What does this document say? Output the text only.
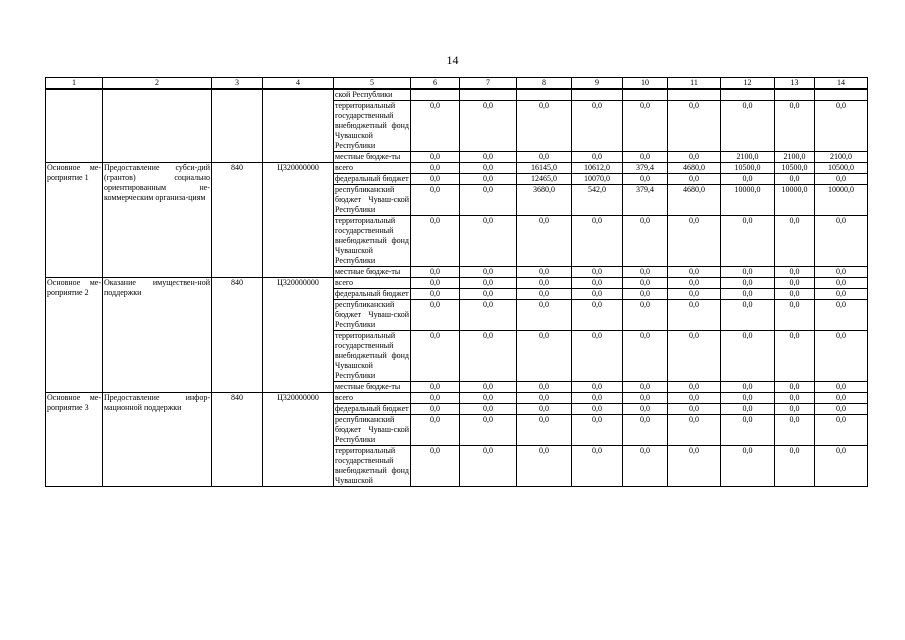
14
1	2	3	4	5	6	7	8	9	10	11	12	13	14
				ской Республики									
				территориальный государственный внебюджетный фонд Чувашской Республики	0,0	0,0	0,0	0,0	0,0	0,0	0,0	0,0	0,0
				местные бюдже-ты	0,0	0,0	0,0	0,0	0,0	0,0	2100,0	2100,0	2100,0
Основное ме-роприятие 1	Предоставление субси-дий (грантов) социально ориентированным не-коммерческим организа-циям	840	Ц320000000	всего	0,0	0,0	16145,0	10612,0	379,4	4680,0	10500,0	10500,0	10500,0
				федеральный бюджет	0,0	0,0	12465,0	10070,0	0,0	0,0	0,0	0,0	0,0
				республиканский бюджет Чуваш-ской Республики	0,0	0,0	3680,0	542,0	379,4	4680,0	10000,0	10000,0	10000,0
				территориальный государственный внебюджетный фонд Чувашской Республики	0,0	0,0	0,0	0,0	0,0	0,0	0,0	0,0	0,0
				местные бюдже-ты	0,0	0,0	0,0	0,0	0,0	0,0	0,0	0,0	0,0
Основное ме-роприятие 2	Оказание имуществен-ной поддержки	840	Ц320000000	всего	0,0	0,0	0,0	0,0	0,0	0,0	0,0	0,0	0,0
				федеральный бюджет	0,0	0,0	0,0	0,0	0,0	0,0	0,0	0,0	0,0
				республиканский бюджет Чуваш-ской Республики	0,0	0,0	0,0	0,0	0,0	0,0	0,0	0,0	0,0
				территориальный государственный внебюджетный фонд Чувашской Республики	0,0	0,0	0,0	0,0	0,0	0,0	0,0	0,0	0,0
				местные бюдже-ты	0,0	0,0	0,0	0,0	0,0	0,0	0,0	0,0	0,0
Основное ме-роприятие 3	Предоставление инфор-мационной поддержки	840	Ц320000000	всего	0,0	0,0	0,0	0,0	0,0	0,0	0,0	0,0	0,0
				федеральный бюджет	0,0	0,0	0,0	0,0	0,0	0,0	0,0	0,0	0,0
				республиканский бюджет Чуваш-ской Республики	0,0	0,0	0,0	0,0	0,0	0,0	0,0	0,0	0,0
				территориальный государственный внебюджетный фонд Чувашской	0,0	0,0	0,0	0,0	0,0	0,0	0,0	0,0	0,0
